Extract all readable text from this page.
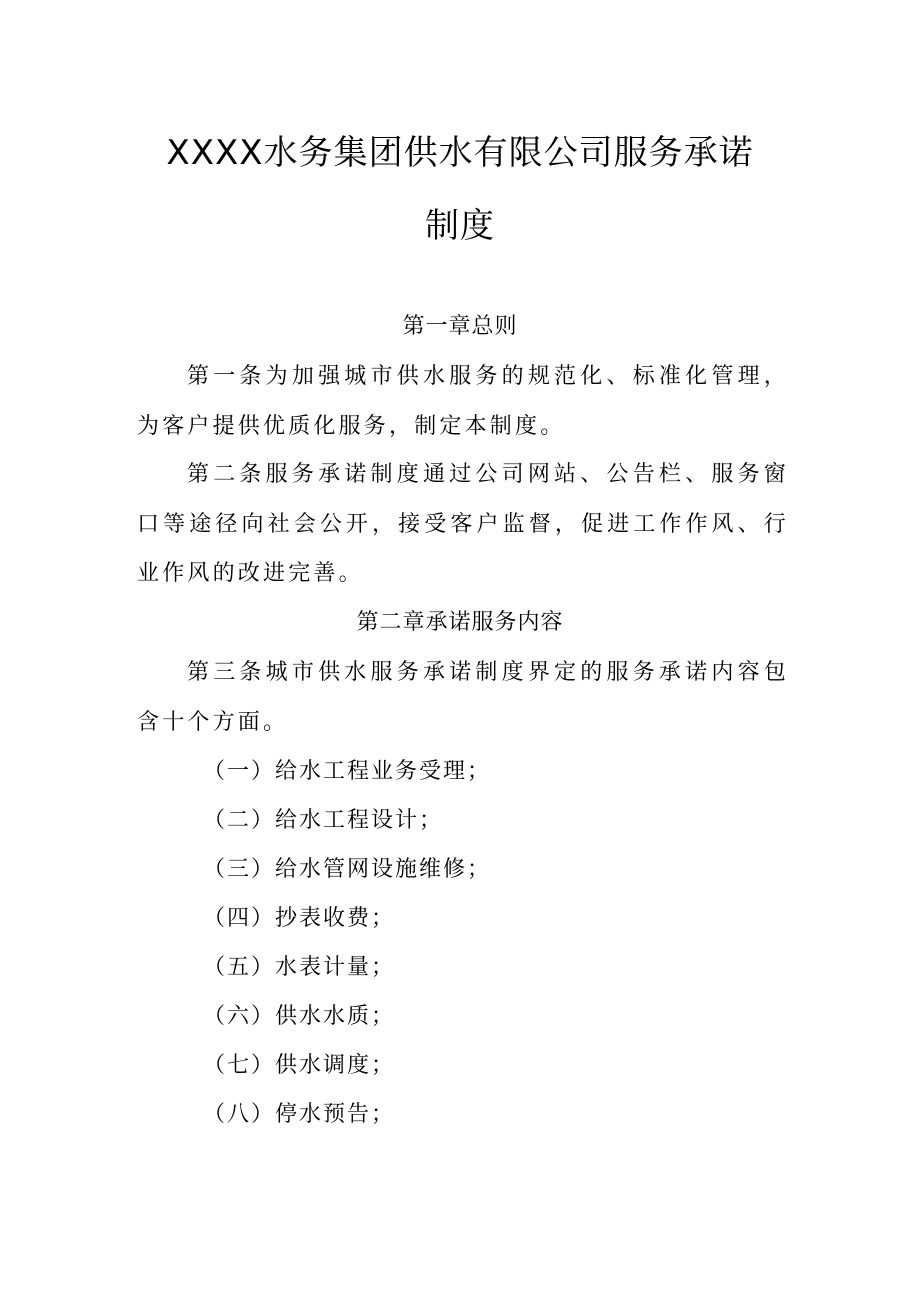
XXXX水务集团供水有限公司服务承诺
制度
第一章总则
第一条为加强城市供水服务的规范化、标准化管理，为客户提供优质化服务，制定本制度。
第二条服务承诺制度通过公司网站、公告栏、服务窗口等途径向社会公开，接受客户监督，促进工作作风、行业作风的改进完善。
第二章承诺服务内容
第三条城市供水服务承诺制度界定的服务承诺内容包含十个方面。
（一）给水工程业务受理；
（二）给水工程设计；
（三）给水管网设施维修；
（四）抄表收费；
（五）水表计量；
（六）供水水质；
（七）供水调度；
（八）停水预告；
